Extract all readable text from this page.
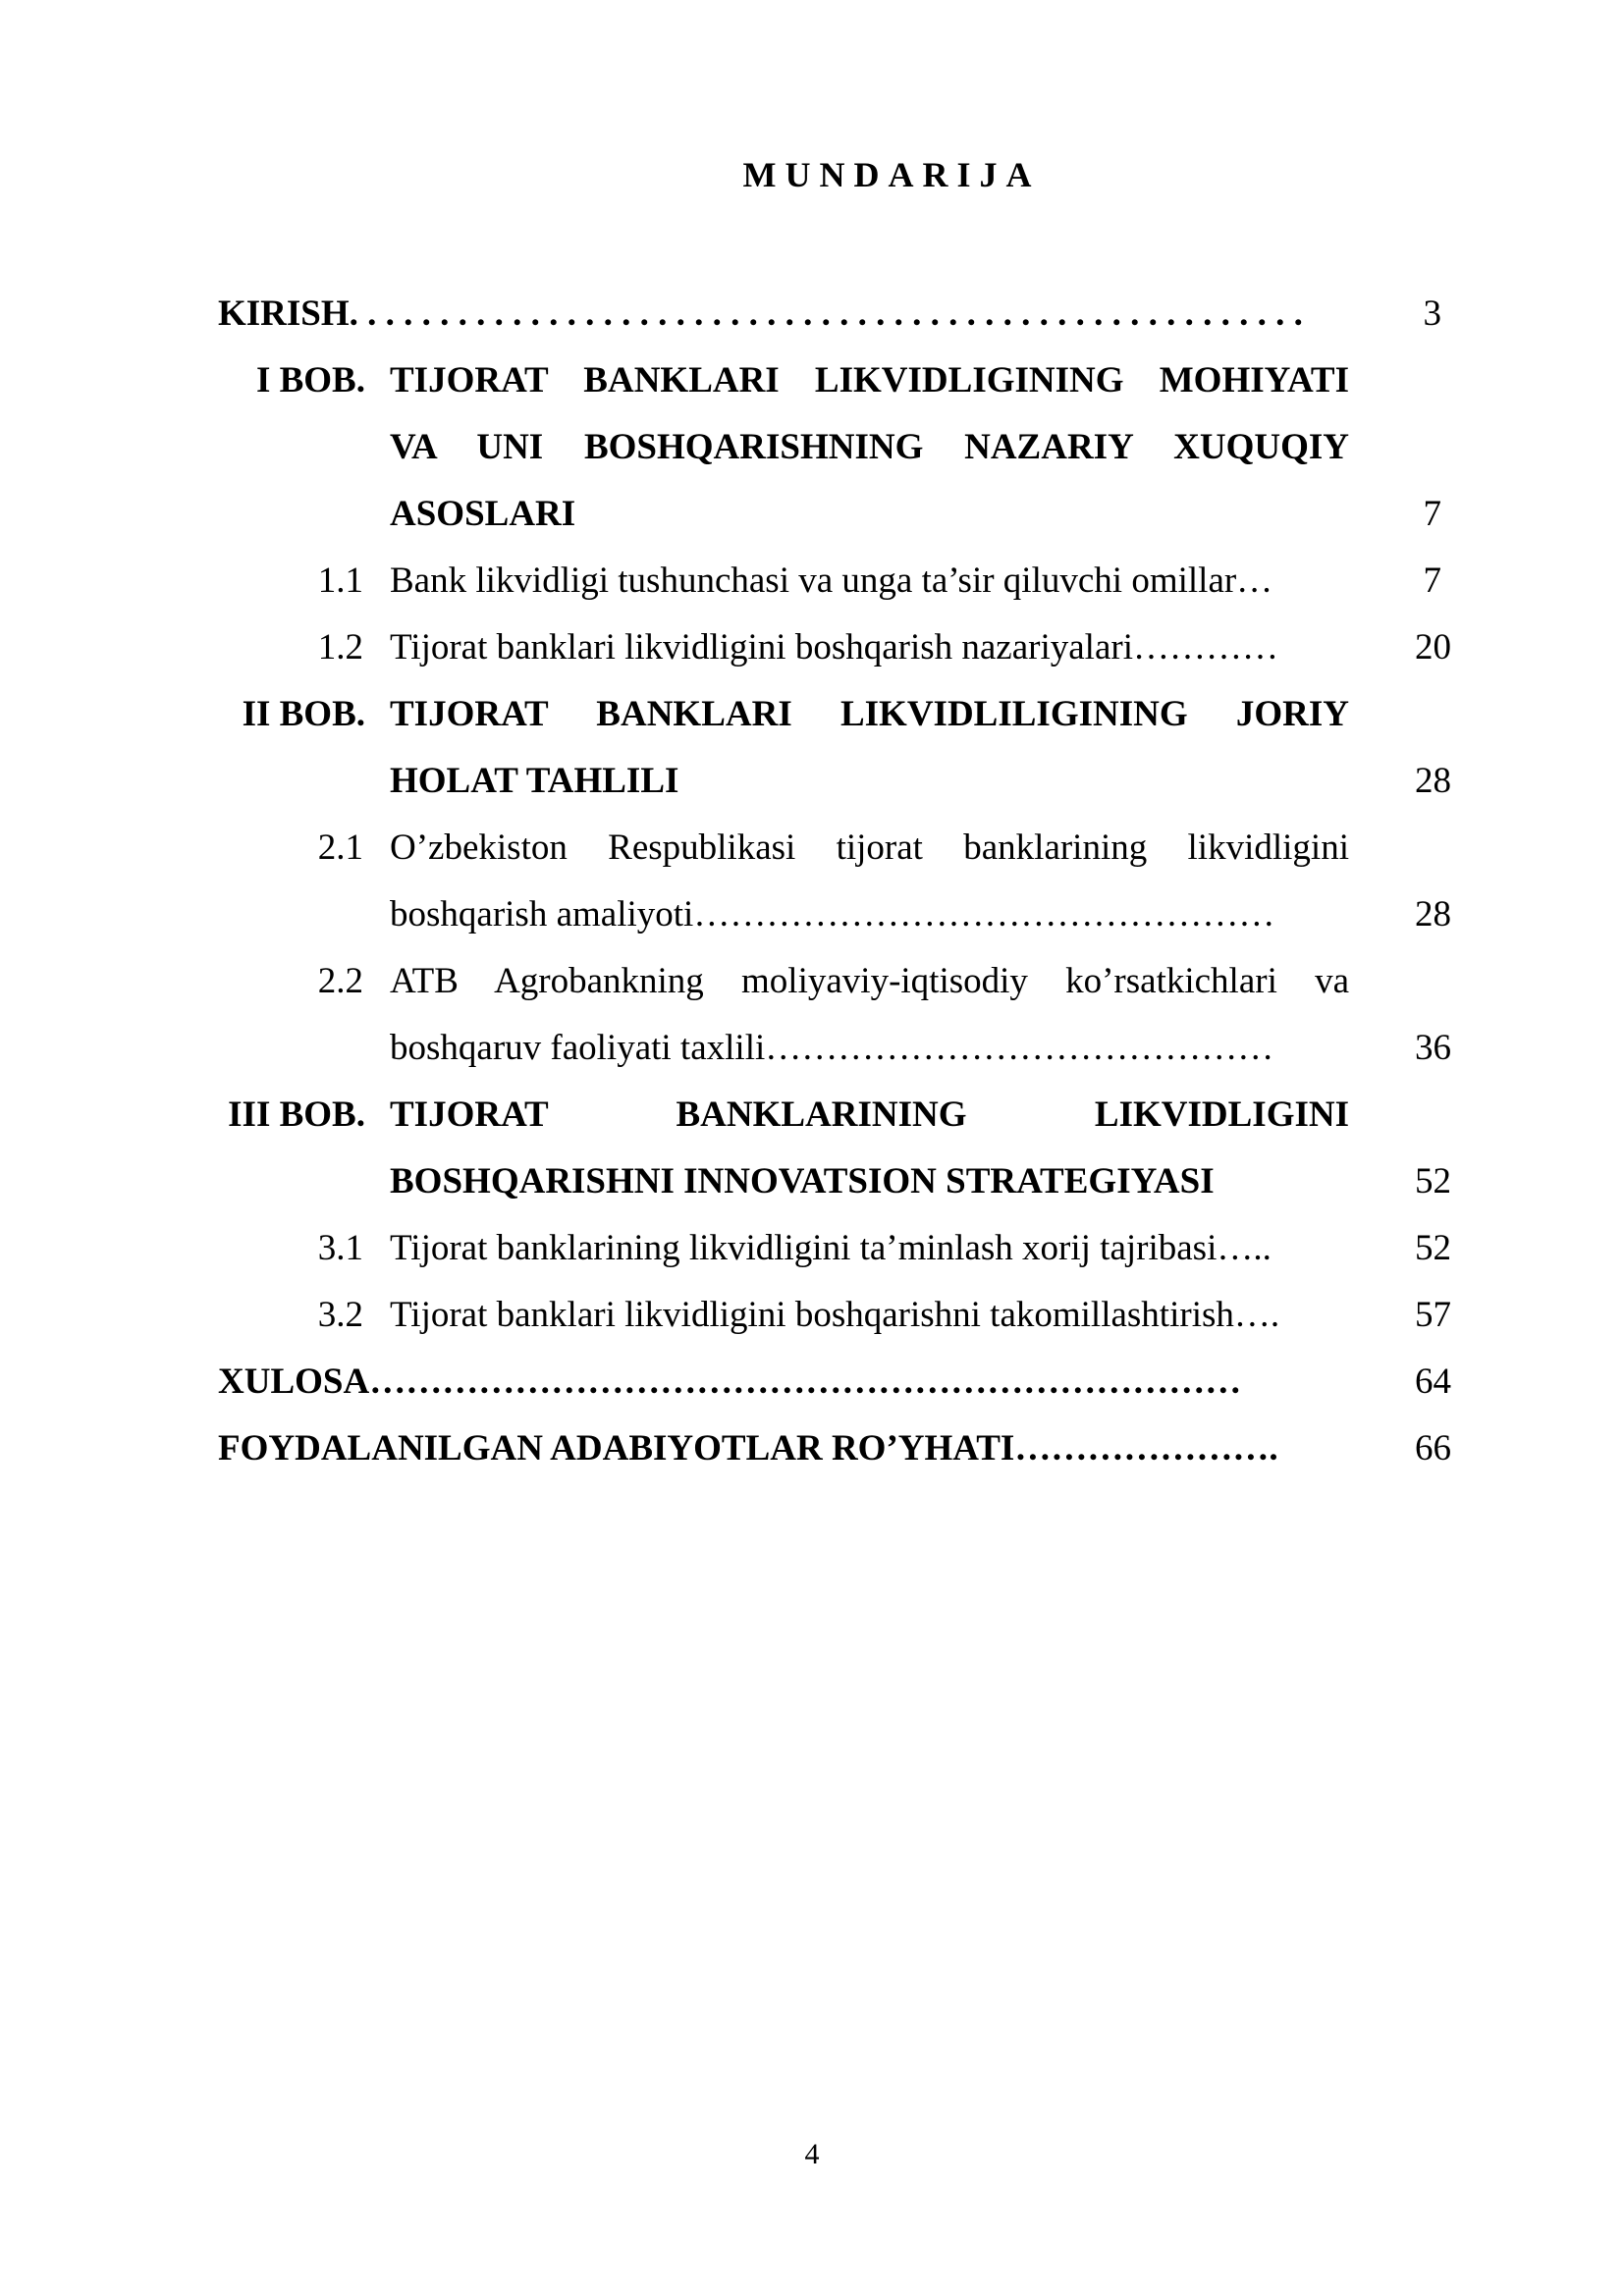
MUNDARIJA
KIRISH. . . . . . . . . . . . . . . . . . . . . . . . . . . . . . . . . . . . . . . . . . . . . . . . . . . . .	3
I BOB. TIJORAT BANKLARI LIKVIDLIGINING MOHIYATI
VA UNI BOSHQARISHNING NAZARIY XUQUQIY
ASOSLARI	7
1.1 Bank likvidligi tushunchasi va unga ta’sir qiluvchi omillar…	7
1.2 Tijorat banklari likvidligini boshqarish nazariyalari…………	20
II BOB. TIJORAT BANKLARI LIKVIDLILIGINING JORIY
HOLAT TAHLILI	28
2.1 O’zbekiston Respublikasi tijorat banklarining likvidligini
boshqarish amaliyoti…………………………………………	28
2.2 ATB Agrobankning moliyaviy-iqtisodiy ko’rsatkichlari va
boshqaruv faoliyati taxlili……………………………………	36
III BOB. TIJORAT BANKLARINING LIKVIDLIGINI
BOSHQARISHNI INNOVATSION STRATEGIYASI	52
3.1 Tijorat banklarining likvidligini ta’minlash xorij tajribasi…..	52
3.2 Tijorat banklari likvidligini boshqarishni takomillashtirish….	57
XULOSA………………………………………………………………	64
FOYDALANILGAN ADABIYOTLAR RO’YHATI………………….	66
4
